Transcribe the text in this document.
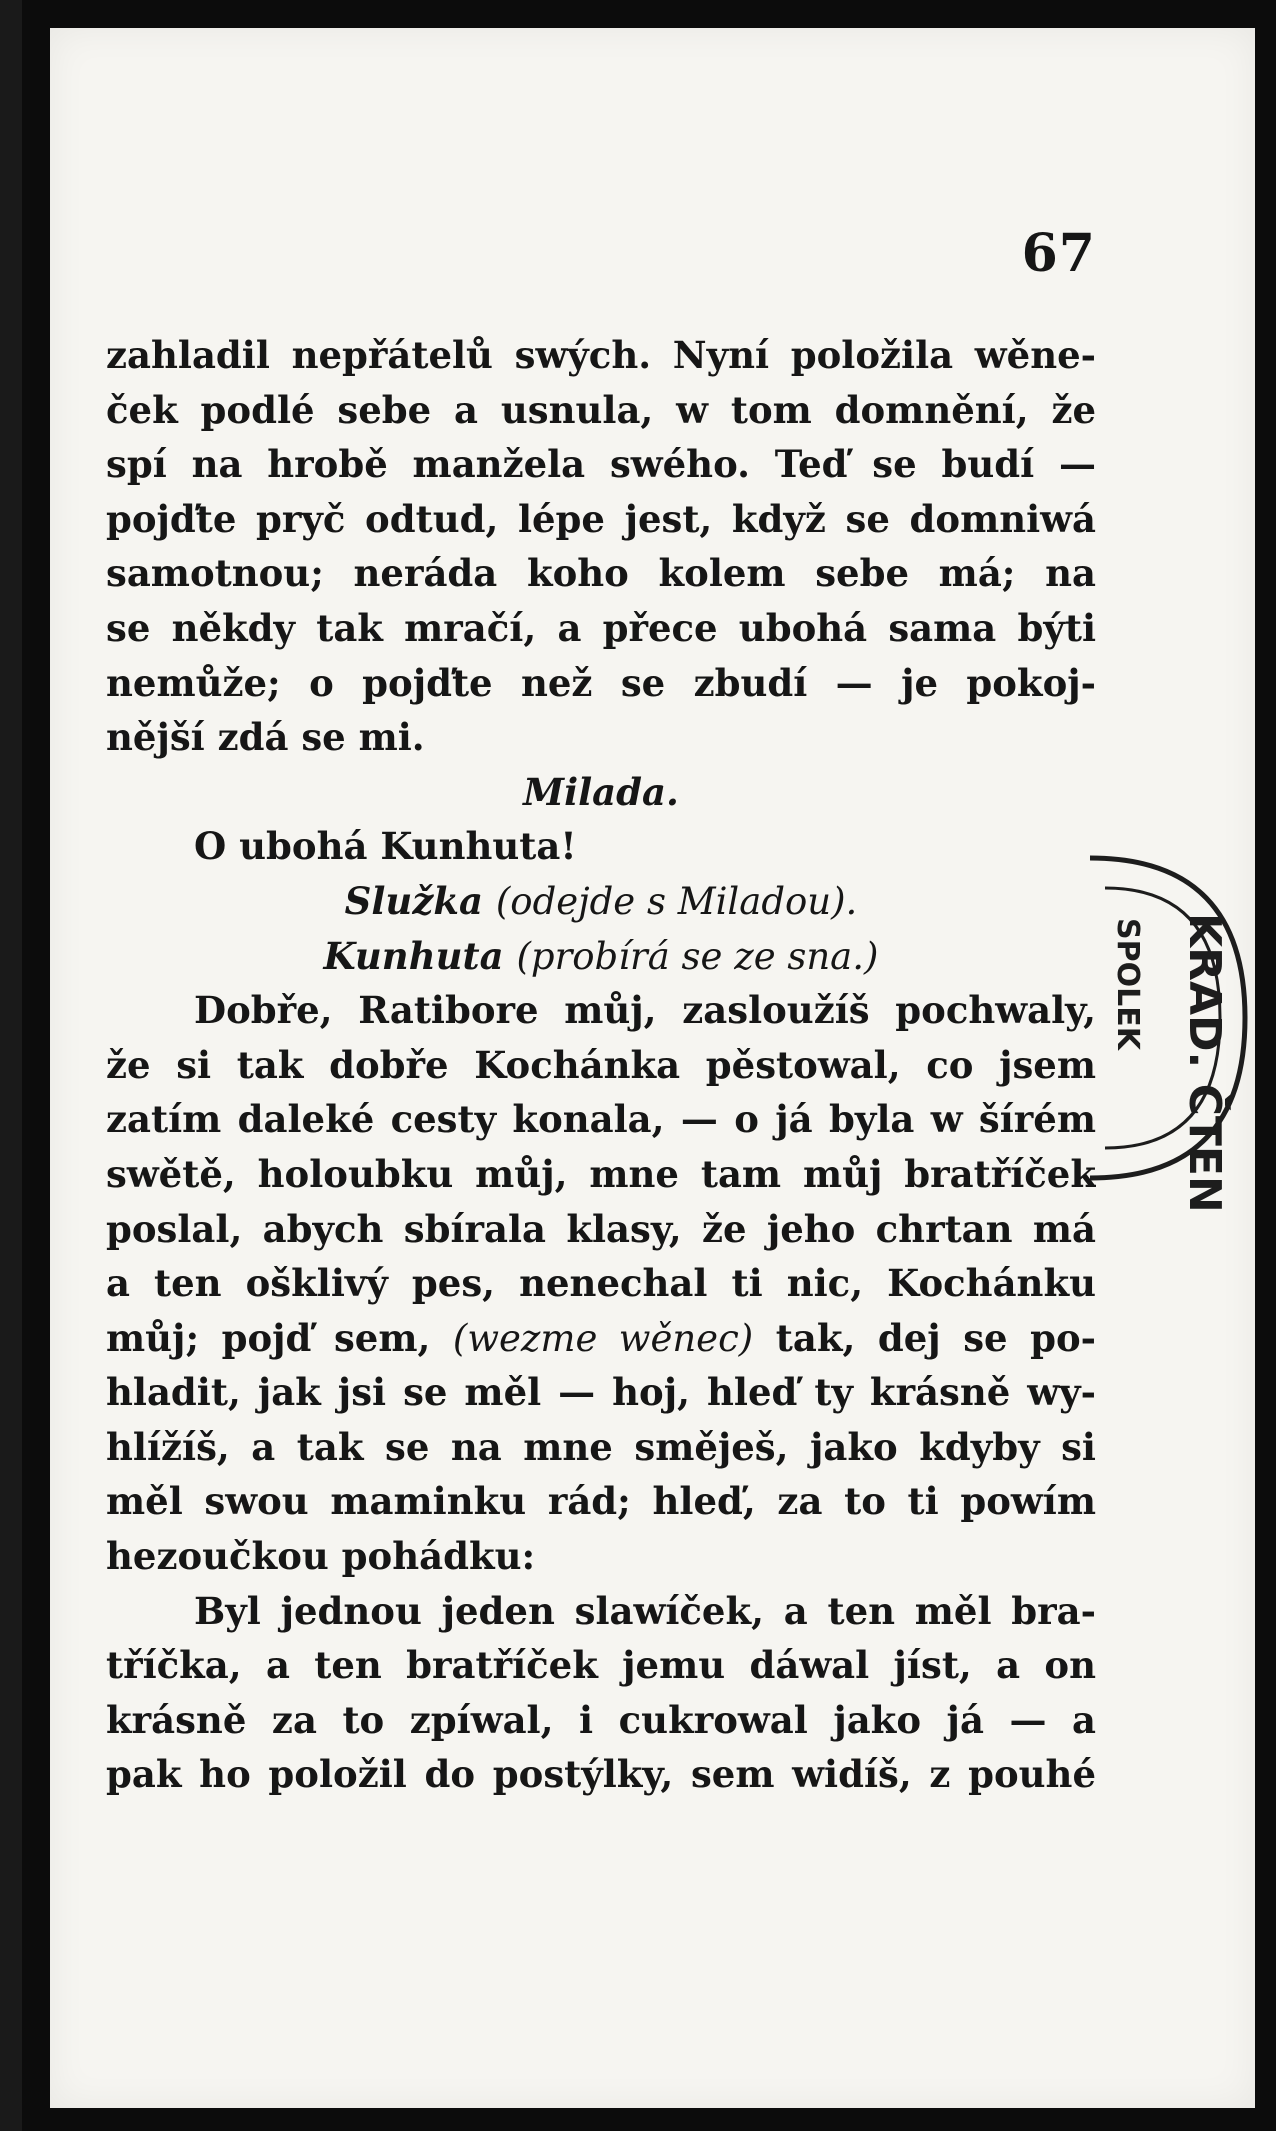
67
zahladil nepřátelů swých. Nyní položila wěne-
ček podlé sebe a usnula, w tom domnění, že
spí na hrobě manžela swého. Teď se budí —
pojďte pryč odtud, lépe jest, když se domniwá
samotnou; neráda koho kolem sebe má; na
se někdy tak mračí, a přece ubohá sama býti
nemůže; o pojďte než se zbudí — je pokoj-
nější zdá se mi.
Milada.
O ubohá Kunhuta!
Služka (odejde s Miladou).
Kunhuta (probírá se ze sna.)
Dobře, Ratibore můj, zasloužíš pochwaly,
že si tak dobře Kochánka pěstowal, co jsem
zatím daleké cesty konala, — o já byla w šírém
swětě, holoubku můj, mne tam můj bratříček
poslal, abych sbírala klasy, že jeho chrtan má
a ten ošklivý pes, nenechal ti nic, Kochánku
můj; pojď sem, (wezme wěnec) tak, dej se po-
hladit, jak jsi se měl — hoj, hleď ty krásně wy-
hlížíš, a tak se na mne směješ, jako kdyby si
měl swou maminku rád; hleď, za to ti powím
hezoučkou pohádku:
Byl jednou jeden slawíček, a ten měl bra-
tříčka, a ten bratříček jemu dáwal jíst, a on
krásně za to zpíwal, i cukrowal jako já — a
pak ho položil do postýlky, sem widíš, z pouhé
KRAD. ČTEN
SPOLEK
